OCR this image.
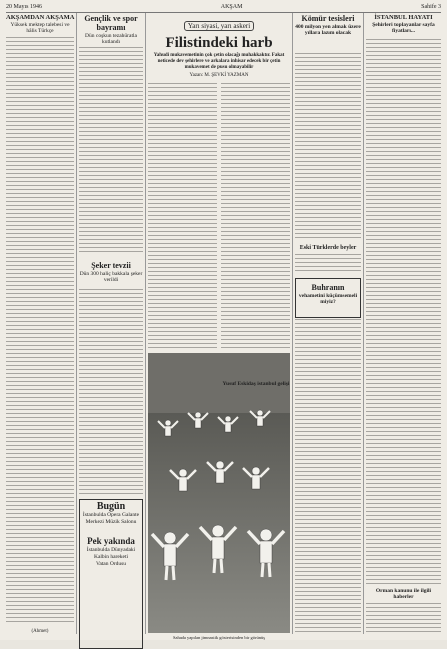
20 Mayıs 1946	AKŞAM	Sahife 3
AKŞAMDAN AKŞAMA
Yüksek mektep talebesi ve hâlis Türkçe
(Ahmet)
Gençlik ve spor bayramı
Dün coşkun tezahüratla kutlandı
Şeker tevzii
Dün 300 haliç bakkala şeker verildi
Bugün
İstanbulda Opera Galante
Merkezi Müzik Salonu
Pek yakında
İstanbulda Dünyadaki
Kalbin hareketi
Vatan Ordusu
Yarı siyasi, yarı askeri
Filistindeki harb
Yahudi mukavemetinin çok çetin olacağı muhakkaktır. Fakat neticede dev şehirlere ve arkalara inhisar edecek bir çetin mukavemet de pusu olmayabilir
Yazan: M. ŞEVKİ YAZMAN
Sahada yapılan jimnastik gösterisinden bir görünüş
Kömür tesisleri
400 milyon yen almak üzere yıllara lazım olacak
Eski Türklerde beyler
Buhranın
vehametini küçümsemeli miyiz?
Yusuf Eskidaş istanbul gelişi
İSTANBUL HAYATI
Şehirleri toplayanlar sayfa fiyatları...
Orman kanunu ile ilgili haberler
